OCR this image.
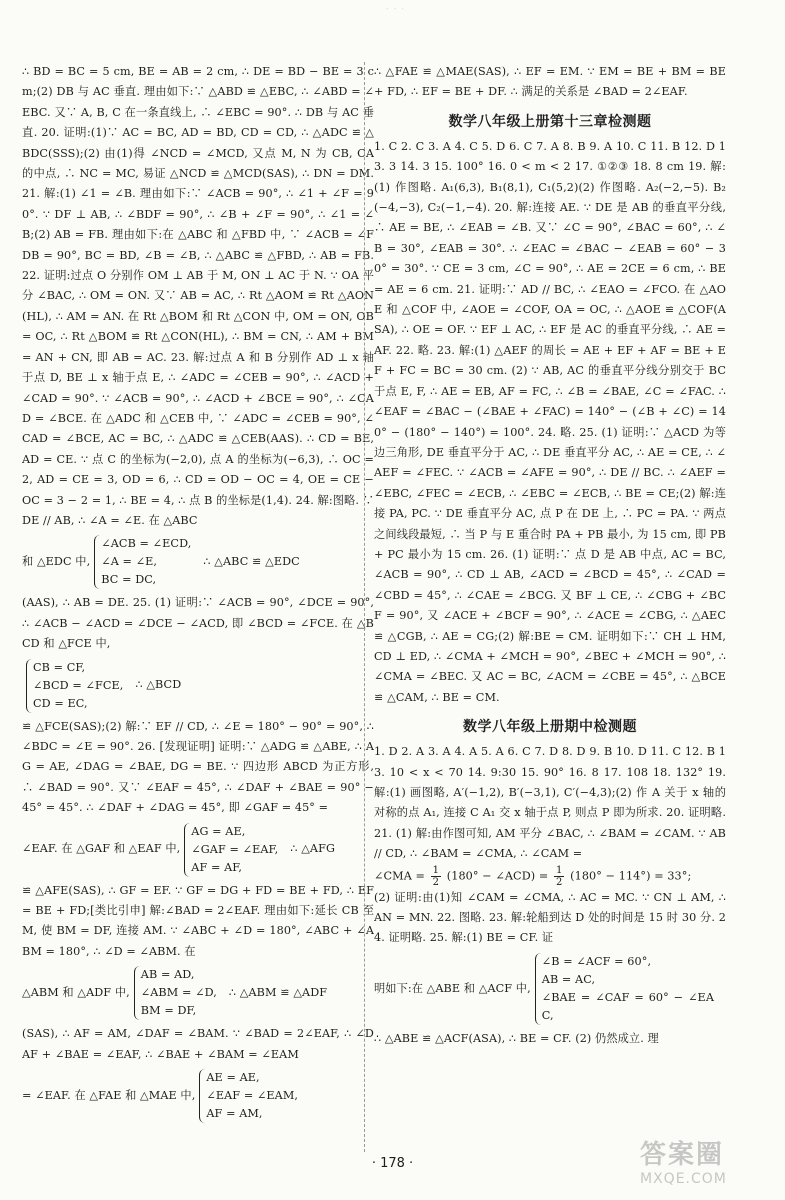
· · ·

∴ BD = BC = 5 cm, BE = AB = 2 cm, ∴ DE = BD − BE = 3 cm;(2) DB 与 AC 垂直. 理由如下:∵ △ABD ≌ △EBC, ∴ ∠ABD = ∠EBC. 又∵ A, B, C 在一条直线上, ∴ ∠EBC = 90°. ∴ DB 与 AC 垂直. 20. 证明:(1)∵ AC = BC, AD = BD, CD = CD, ∴ △ADC ≌ △BDC(SSS);(2) 由(1)得 ∠NCD = ∠MCD, 又点 M, N 为 CB, CA 的中点, ∴ NC = MC, 易证 △NCD ≌ △MCD(SAS), ∴ DN = DM. 21. 解:(1) ∠1 = ∠B. 理由如下:∵ ∠ACB = 90°, ∴ ∠1 + ∠F = 90°. ∵ DF ⊥ AB, ∴ ∠BDF = 90°, ∴ ∠B + ∠F = 90°, ∴ ∠1 = ∠B;(2) AB = FB. 理由如下:在 △ABC 和 △FBD 中, ∵ ∠ACB = ∠FDB = 90°, BC = BD, ∠B = ∠B, ∴ △ABC ≌ △FBD, ∴ AB = FB. 22. 证明:过点 O 分别作 OM ⊥ AB 于 M, ON ⊥ AC 于 N. ∵ OA 平分 ∠BAC, ∴ OM = ON. 又∵ AB = AC, ∴ Rt △AOM ≌ Rt △AON(HL), ∴ AM = AN. 在 Rt △BOM 和 Rt △CON 中, OM = ON, OB = OC, ∴ Rt △BOM ≌ Rt △CON(HL), ∴ BM = CN, ∴ AM + BM = AN + CN, 即 AB = AC. 23. 解:过点 A 和 B 分别作 AD ⊥ x 轴于点 D, BE ⊥ x 轴于点 E, ∴ ∠ADC = ∠CEB = 90°, ∴ ∠ACD + ∠CAD = 90°. ∵ ∠ACB = 90°, ∴ ∠ACD + ∠BCE = 90°, ∴ ∠CAD = ∠BCE. 在 △ADC 和 △CEB 中, ∵ ∠ADC = ∠CEB = 90°, ∠CAD = ∠BCE, AC = BC, ∴ △ADC ≌ △CEB(AAS). ∴ CD = BE, AD = CE. ∵ 点 C 的坐标为(−2,0), 点 A 的坐标为(−6,3), ∴ OC = 2, AD = CE = 3, OD = 6, ∴ CD = OD − OC = 4, OE = CE − OC = 3 − 2 = 1, ∴ BE = 4, ∴ 点 B 的坐标是(1,4). 24. 解:图略. ∵ DE // AB, ∴ ∠A = ∠E. 在 △ABC

和 △EDC 中,
∠ACB = ∠ECD,
∠A = ∠E,
BC = DC,
∴ △ABC ≌ △EDC

(AAS), ∴ AB = DE. 25. (1) 证明:∵ ∠ACB = 90°, ∠DCE = 90°, ∴ ∠ACB − ∠ACD = ∠DCE − ∠ACD, 即 ∠BCD = ∠FCE. 在 △BCD 和 △FCE 中,

CB = CF,
∠BCD = ∠FCE,
CD = EC,
∴ △BCD

≌ △FCE(SAS);(2) 解:∵ EF // CD, ∴ ∠E = 180° − 90° = 90°, ∴ ∠BDC = ∠E = 90°. 26. [发现证明] 证明:∵ △ADG ≌ △ABE, ∴ AG = AE, ∠DAG = ∠BAE, DG = BE. ∵ 四边形 ABCD 为正方形, ∴ ∠BAD = 90°. 又∵ ∠EAF = 45°, ∴ ∠DAF + ∠BAE = 90° − 45° = 45°. ∴ ∠DAF + ∠DAG = 45°, 即 ∠GAF = 45° =

∠EAF. 在 △GAF 和 △EAF 中,
AG = AE,
∠GAF = ∠EAF,
AF = AF,
∴ △AFG

≌ △AFE(SAS), ∴ GF = EF. ∵ GF = DG + FD = BE + FD, ∴ EF = BE + FD;[类比引申] 解:∠BAD = 2∠EAF. 理由如下:延长 CB 至 M, 使 BM = DF, 连接 AM. ∵ ∠ABC + ∠D = 180°, ∠ABC + ∠ABM = 180°, ∴ ∠D = ∠ABM. 在

△ABM 和 △ADF 中,
AB = AD,
∠ABM = ∠D,
BM = DF,
∴ △ABM ≌ △ADF

(SAS), ∴ AF = AM, ∠DAF = ∠BAM. ∵ ∠BAD = 2∠EAF, ∴ ∠DAF + ∠BAE = ∠EAF, ∴ ∠BAE + ∠BAM = ∠EAM

= ∠EAF. 在 △FAE 和 △MAE 中,
AE = AE,
∠EAF = ∠EAM,
AF = AM,

∴ △FAE ≌ △MAE(SAS), ∴ EF = EM. ∵ EM = BE + BM = BE + FD, ∴ EF = BE + DF. ∴ 满足的关系是 ∠BAD = 2∠EAF.

数学八年级上册第十三章检测题

1. C 2. C 3. A 4. C 5. D 6. C 7. A 8. B 9. A 10. C 11. B 12. D 13. 3 14. 3 15. 100° 16. 0 < m < 2 17. ①②③ 18. 8 cm 19. 解:(1) 作图略. A₁(6,3), B₁(8,1), C₁(5,2)(2) 作图略. A₂(−2,−5). B₂(−4,−3), C₂(−1,−4). 20. 解:连接 AE. ∵ DE 是 AB 的垂直平分线, ∴ AE = BE, ∴ ∠EAB = ∠B. 又∵ ∠C = 90°, ∠BAC = 60°, ∴ ∠B = 30°, ∠EAB = 30°. ∴ ∠EAC = ∠BAC − ∠EAB = 60° − 30° = 30°. ∵ CE = 3 cm, ∠C = 90°, ∴ AE = 2CE = 6 cm, ∴ BE = AE = 6 cm. 21. 证明:∵ AD // BC, ∴ ∠EAO = ∠FCO. 在 △AOE 和 △COF 中, ∠AOE = ∠COF, OA = OC, ∴ △AOE ≌ △COF(ASA), ∴ OE = OF. ∵ EF ⊥ AC, ∴ EF 是 AC 的垂直平分线, ∴ AE = AF. 22. 略. 23. 解:(1) △AEF 的周长 = AE + EF + AF = BE + EF + FC = BC = 30 cm. (2) ∵ AB, AC 的垂直平分线分别交于 BC 于点 E, F, ∴ AE = EB, AF = FC, ∴ ∠B = ∠BAE, ∠C = ∠FAC. ∴ ∠EAF = ∠BAC − (∠BAE + ∠FAC) = 140° − (∠B + ∠C) = 140° − (180° − 140°) = 100°. 24. 略. 25. (1) 证明:∵ △ACD 为等边三角形, DE 垂直平分于 AC, ∴ DE 垂直平分 AC, ∴ AE = CE, ∴ ∠AEF = ∠FEC. ∵ ∠ACB = ∠AFE = 90°, ∴ DE // BC. ∴ ∠AEF = ∠EBC, ∠FEC = ∠ECB, ∴ ∠EBC = ∠ECB, ∴ BE = CE;(2) 解:连接 PA, PC. ∵ DE 垂直平分 AC, 点 P 在 DE 上, ∴ PC = PA. ∵ 两点之间线段最短, ∴ 当 P 与 E 重合时 PA + PB 最小, 为 15 cm, 即 PB + PC 最小为 15 cm. 26. (1) 证明:∵ 点 D 是 AB 中点, AC = BC, ∠ACB = 90°, ∴ CD ⊥ AB, ∠ACD = ∠BCD = 45°, ∴ ∠CAD = ∠CBD = 45°, ∴ ∠CAE = ∠BCG. 又 BF ⊥ CE, ∴ ∠CBG + ∠BCF = 90°, 又 ∠ACE + ∠BCF = 90°, ∴ ∠ACE = ∠CBG, ∴ △AEC ≌ △CGB, ∴ AE = CG;(2) 解:BE = CM. 证明如下:∵ CH ⊥ HM, CD ⊥ ED, ∴ ∠CMA + ∠MCH = 90°, ∠BEC + ∠MCH = 90°, ∴ ∠CMA = ∠BEC. 又 AC = BC, ∠ACM = ∠CBE = 45°, ∴ △BCE ≌ △CAM, ∴ BE = CM.

数学八年级上册期中检测题

1. D 2. A 3. A 4. A 5. A 6. C 7. D 8. D 9. B 10. D 11. C 12. B 13. 10 < x < 70 14. 9:30 15. 90° 16. 8 17. 108 18. 132° 19. 解:(1) 画图略, A′(−1,2), B′(−3,1), C′(−4,3);(2) 作 A 关于 x 轴的对称的点 A₁, 连接 C A₁ 交 x 轴于点 P, 则点 P 即为所求. 20. 证明略. 21. (1) 解:由作图可知, AM 平分 ∠BAC, ∴ ∠BAM = ∠CAM. ∵ AB // CD, ∴ ∠BAM = ∠CMA, ∴ ∠CAM =

∠CMA = $\frac{1}{2} (180^\circ$ − ∠ACD) = $\frac{1}{2} (180^\circ - 114^\circ) = 33^\circ$;

(2) 证明:由(1)知 ∠CAM = ∠CMA, ∴ AC = MC. ∵ CN ⊥ AM, ∴ AN = MN. 22. 图略. 23. 解:轮船到达 D 处的时间是 15 时 30 分. 24. 证明略. 25. 解:(1) BE = CF. 证

明如下:在 △ABE 和 △ACF 中,
∠B = ∠ACF = 60°,
AB = AC,
∠BAE = ∠CAF = 60° − ∠EAC,

∴ △ABE ≌ △ACF(ASA), ∴ BE = CF. (2) 仍然成立. 理

· 178 ·	答案圈
MXQE.COM
